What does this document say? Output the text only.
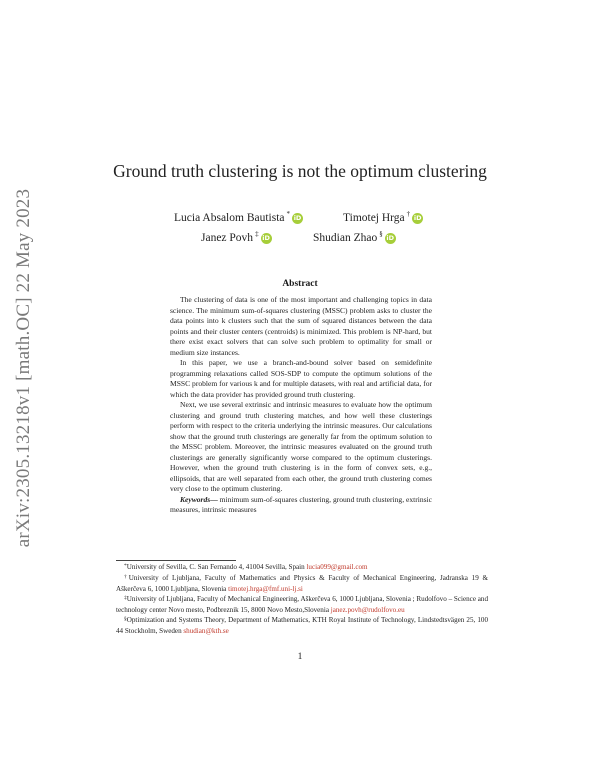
arXiv:2305.13218v1 [math.OC] 22 May 2023
Ground truth clustering is not the optimum clustering
Lucia Absalom Bautista * iD	Timotej Hrga † iD
Janez Povh ‡ iD	Shudian Zhao § iD
Abstract

The clustering of data is one of the most important and challenging topics in data science. The minimum sum-of-squares clustering (MSSC) problem asks to cluster the data points into k clusters such that the sum of squared distances between the data points and their cluster centers (centroids) is minimized. This problem is NP-hard, but there exist exact solvers that can solve such problem to optimality for small or medium size instances.

In this paper, we use a branch-and-bound solver based on semidefinite programming relaxations called SOS-SDP to compute the optimum solutions of the MSSC problem for various k and for multiple datasets, with real and artificial data, for which the data provider has provided ground truth clustering.

Next, we use several extrinsic and intrinsic measures to evaluate how the optimum clustering and ground truth clustering matches, and how well these clusterings perform with respect to the criteria underlying the intrinsic measures. Our calculations show that the ground truth clusterings are generally far from the optimum solution to the MSSC problem. Moreover, the intrinsic measures evaluated on the ground truth clusterings are generally significantly worse compared to the optimum clusterings. However, when the ground truth clustering is in the form of convex sets, e.g., ellipsoids, that are well separated from each other, the ground truth clustering comes very close to the optimum clustering.

Keywords— minimum sum-of-squares clustering, ground truth clustering, extrinsic measures, intrinsic measures

*University of Sevilla, C. San Fernando 4, 41004 Sevilla, Spain lucia099@gmail.com

†University of Ljubljana, Faculty of Mathematics and Physics & Faculty of Mechanical Engineering, Jadranska 19 & Aškerčeva 6, 1000 Ljubljana, Slovenia timotej.hrga@fmf.uni-lj.si

‡University of Ljubljana, Faculty of Mechanical Engineering, Aškerčeva 6, 1000 Ljubljana, Slovenia ; Rudolfovo – Science and technology center Novo mesto, Podbreznik 15, 8000 Novo Mesto,Slovenia janez.povh@rudolfovo.eu

§Optimization and Systems Theory, Department of Mathematics, KTH Royal Institute of Technology, Lindstedtsvägen 25, 100 44 Stockholm, Sweden shudian@kth.se

1
